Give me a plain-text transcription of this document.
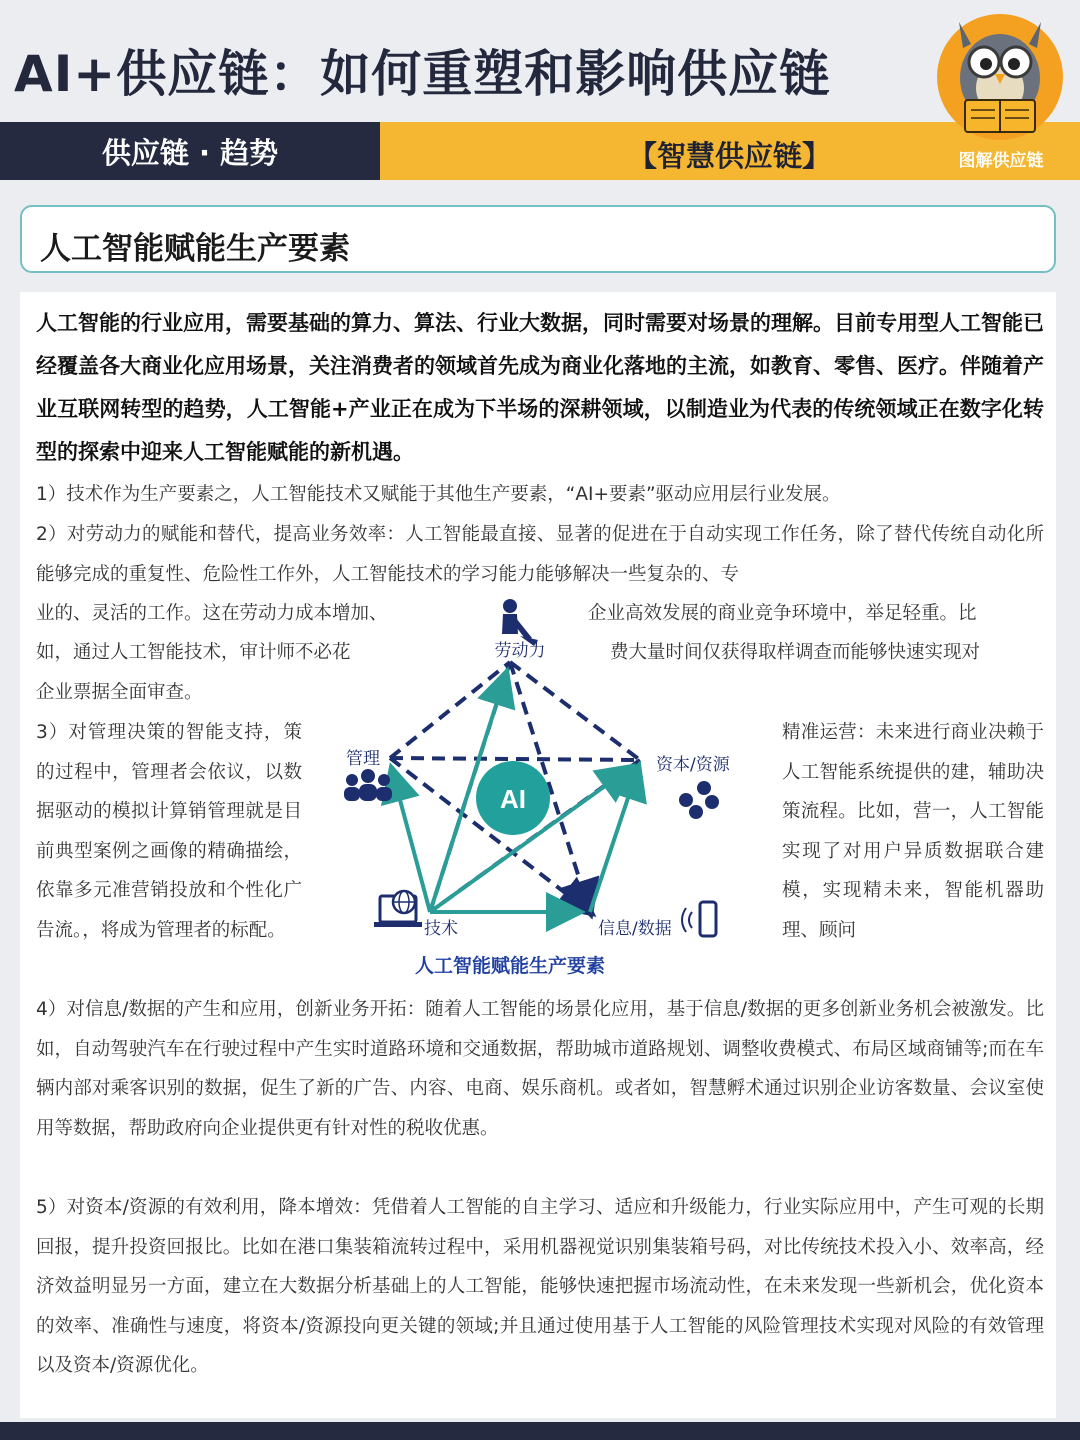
AI+供应链：如何重塑和影响供应链
供应链 · 趋势	【智慧供应链】	图解供应链
人工智能赋能生产要素

人工智能的行业应用，需要基础的算力、算法、行业大数据，同时需要对场景的理解。目前专用型人工智能已经覆盖各大商业化应用场景，关注消费者的领域首先成为商业化落地的主流，如教育、零售、医疗。伴随着产业互联网转型的趋势，人工智能+产业正在成为下半场的深耕领域，以制造业为代表的传统领域正在数字化转型的探索中迎来人工智能赋能的新机遇。

1）技术作为生产要素之，人工智能技术又赋能于其他生产要素，“AI+要素”驱动应用层行业发展。

2）对劳动力的赋能和替代，提高业务效率：人工智能最直接、显著的促进在于自动实现工作任务，除了替代传统自动化所能够完成的重复性、危险性工作外，人工智能技术的学习能力能够解决一些复杂的、专

业的、灵活的工作。这在劳动力成本增加、	企业高效发展的商业竞争环境中，举足轻重。比

如，通过人工智能技术，审计师不必花	费大量时间仅获得取样调查而能够快速实现对

企业票据全面审查。

3）对管理决策的智能支持，策的过程中，管理者会依议，以数据驱动的模拟计算销管理就是目前典型案例之画像的精确描绘，依靠多元准营销投放和个性化广告流。，将成为管理者的标配。

精准运营：未来进行商业决赖于人工智能系统提供的建，辅助决策流程。比如，营一，人工智能实现了对用户异质数据联合建模，实现精未来，智能机器助理、顾问

4）对信息/数据的产生和应用，创新业务开拓：随着人工智能的场景化应用，基于信息/数据的更多创新业务机会被激发。比如，自动驾驶汽车在行驶过程中产生实时道路环境和交通数据，帮助城市道路规划、调整收费模式、布局区域商铺等;而在车辆内部对乘客识别的数据，促生了新的广告、内容、电商、娱乐商机。或者如，智慧孵术通过识别企业访客数量、会议室使用等数据，帮助政府向企业提供更有针对性的税收优惠。

5）对资本/资源的有效利用，降本增效：凭借着人工智能的自主学习、适应和升级能力，行业实际应用中，产生可观的长期回报，提升投资回报比。比如在港口集装箱流转过程中，采用机器视觉识别集装箱号码，对比传统技术投入小、效率高，经济效益明显另一方面，建立在大数据分析基础上的人工智能，能够快速把握市场流动性，在未来发现一些新机会，优化资本的效率、准确性与速度，将资本/资源投向更关键的领域;并且通过使用基于人工智能的风险管理技术实现对风险的有效管理以及资本/资源优化。

AI
劳动力
管理	资本/资源
技术	信息/数据
人工智能赋能生产要素
